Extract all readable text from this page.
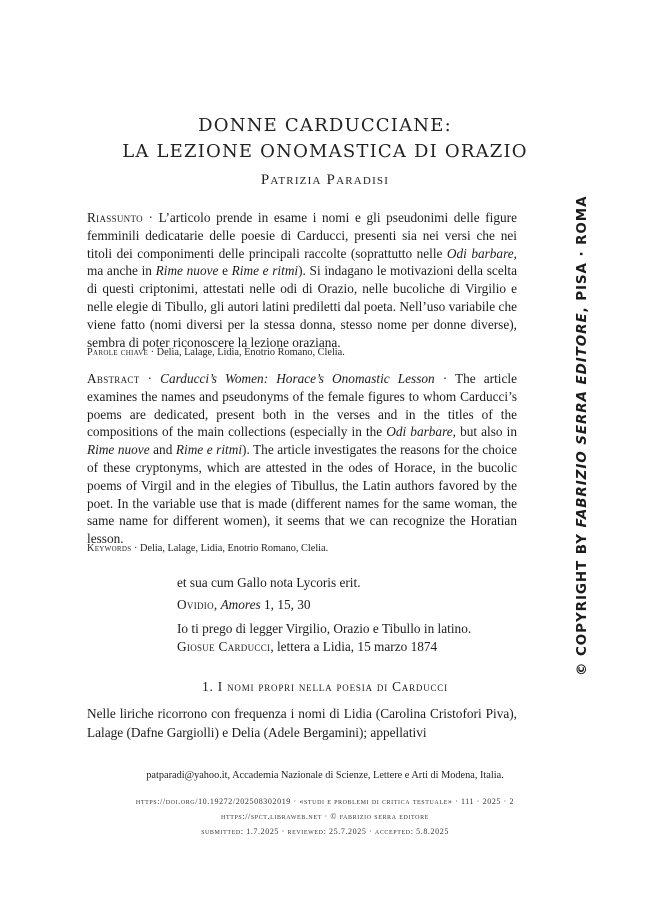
DONNE CARDUCCIANE:
LA LEZIONE ONOMASTICA DI ORAZIO
Patrizia Paradisi
Riassunto · L’articolo prende in esame i nomi e gli pseudonimi delle figure femminili dedicatarie delle poesie di Carducci, presenti sia nei versi che nei titoli dei componimenti delle principali raccolte (soprattutto nelle Odi barbare, ma anche in Rime nuove e Rime e ritmi). Si indagano le motivazioni della scelta di questi criptonimi, attestati nelle odi di Orazio, nelle bucoliche di Virgilio e nelle elegie di Tibullo, gli autori latini prediletti dal poeta. Nell’uso variabile che viene fatto (nomi diversi per la stessa donna, stesso nome per donne diverse), sembra di poter riconoscere la lezione oraziana.
Parole chiave · Delia, Lalage, Lidia, Enotrio Romano, Clelia.
Abstract · Carducci’s Women: Horace’s Onomastic Lesson · The article examines the names and pseudonyms of the female figures to whom Carducci’s poems are dedicated, present both in the verses and in the titles of the compositions of the main collections (especially in the Odi barbare, but also in Rime nuove and Rime e ritmi). The article investigates the reasons for the choice of these cryptonyms, which are attested in the odes of Horace, in the bucolic poems of Virgil and in the elegies of Tibullus, the Latin authors favored by the poet. In the variable use that is made (different names for the same woman, the same name for different women), it seems that we can recognize the Horatian lesson.
Keywords · Delia, Lalage, Lidia, Enotrio Romano, Clelia.
et sua cum Gallo nota Lycoris erit.
Ovidio, Amores 1, 15, 30
Io ti prego di legger Virgilio, Orazio e Tibullo in latino.
Giosue Carducci, lettera a Lidia, 15 marzo 1874
1. I nomi propri nella poesia di Carducci
Nelle liriche ricorrono con frequenza i nomi di Lidia (Carolina Cristofori Piva), Lalage (Dafne Gargiolli) e Delia (Adele Bergamini); appellativi
patparadi@yahoo.it, Accademia Nazionale di Scienze, Lettere e Arti di Modena, Italia.
https://doi.org/10.19272/202508302019 · «studi e problemi di critica testuale» · 111 · 2025 · 2
https://spct.libraweb.net · © fabrizio serra editore
submitted: 1.7.2025 · reviewed: 25.7.2025 · accepted: 5.8.2025
© COPYRIGHT BY FABRIZIO SERRA EDITORE, PISA · ROMA
